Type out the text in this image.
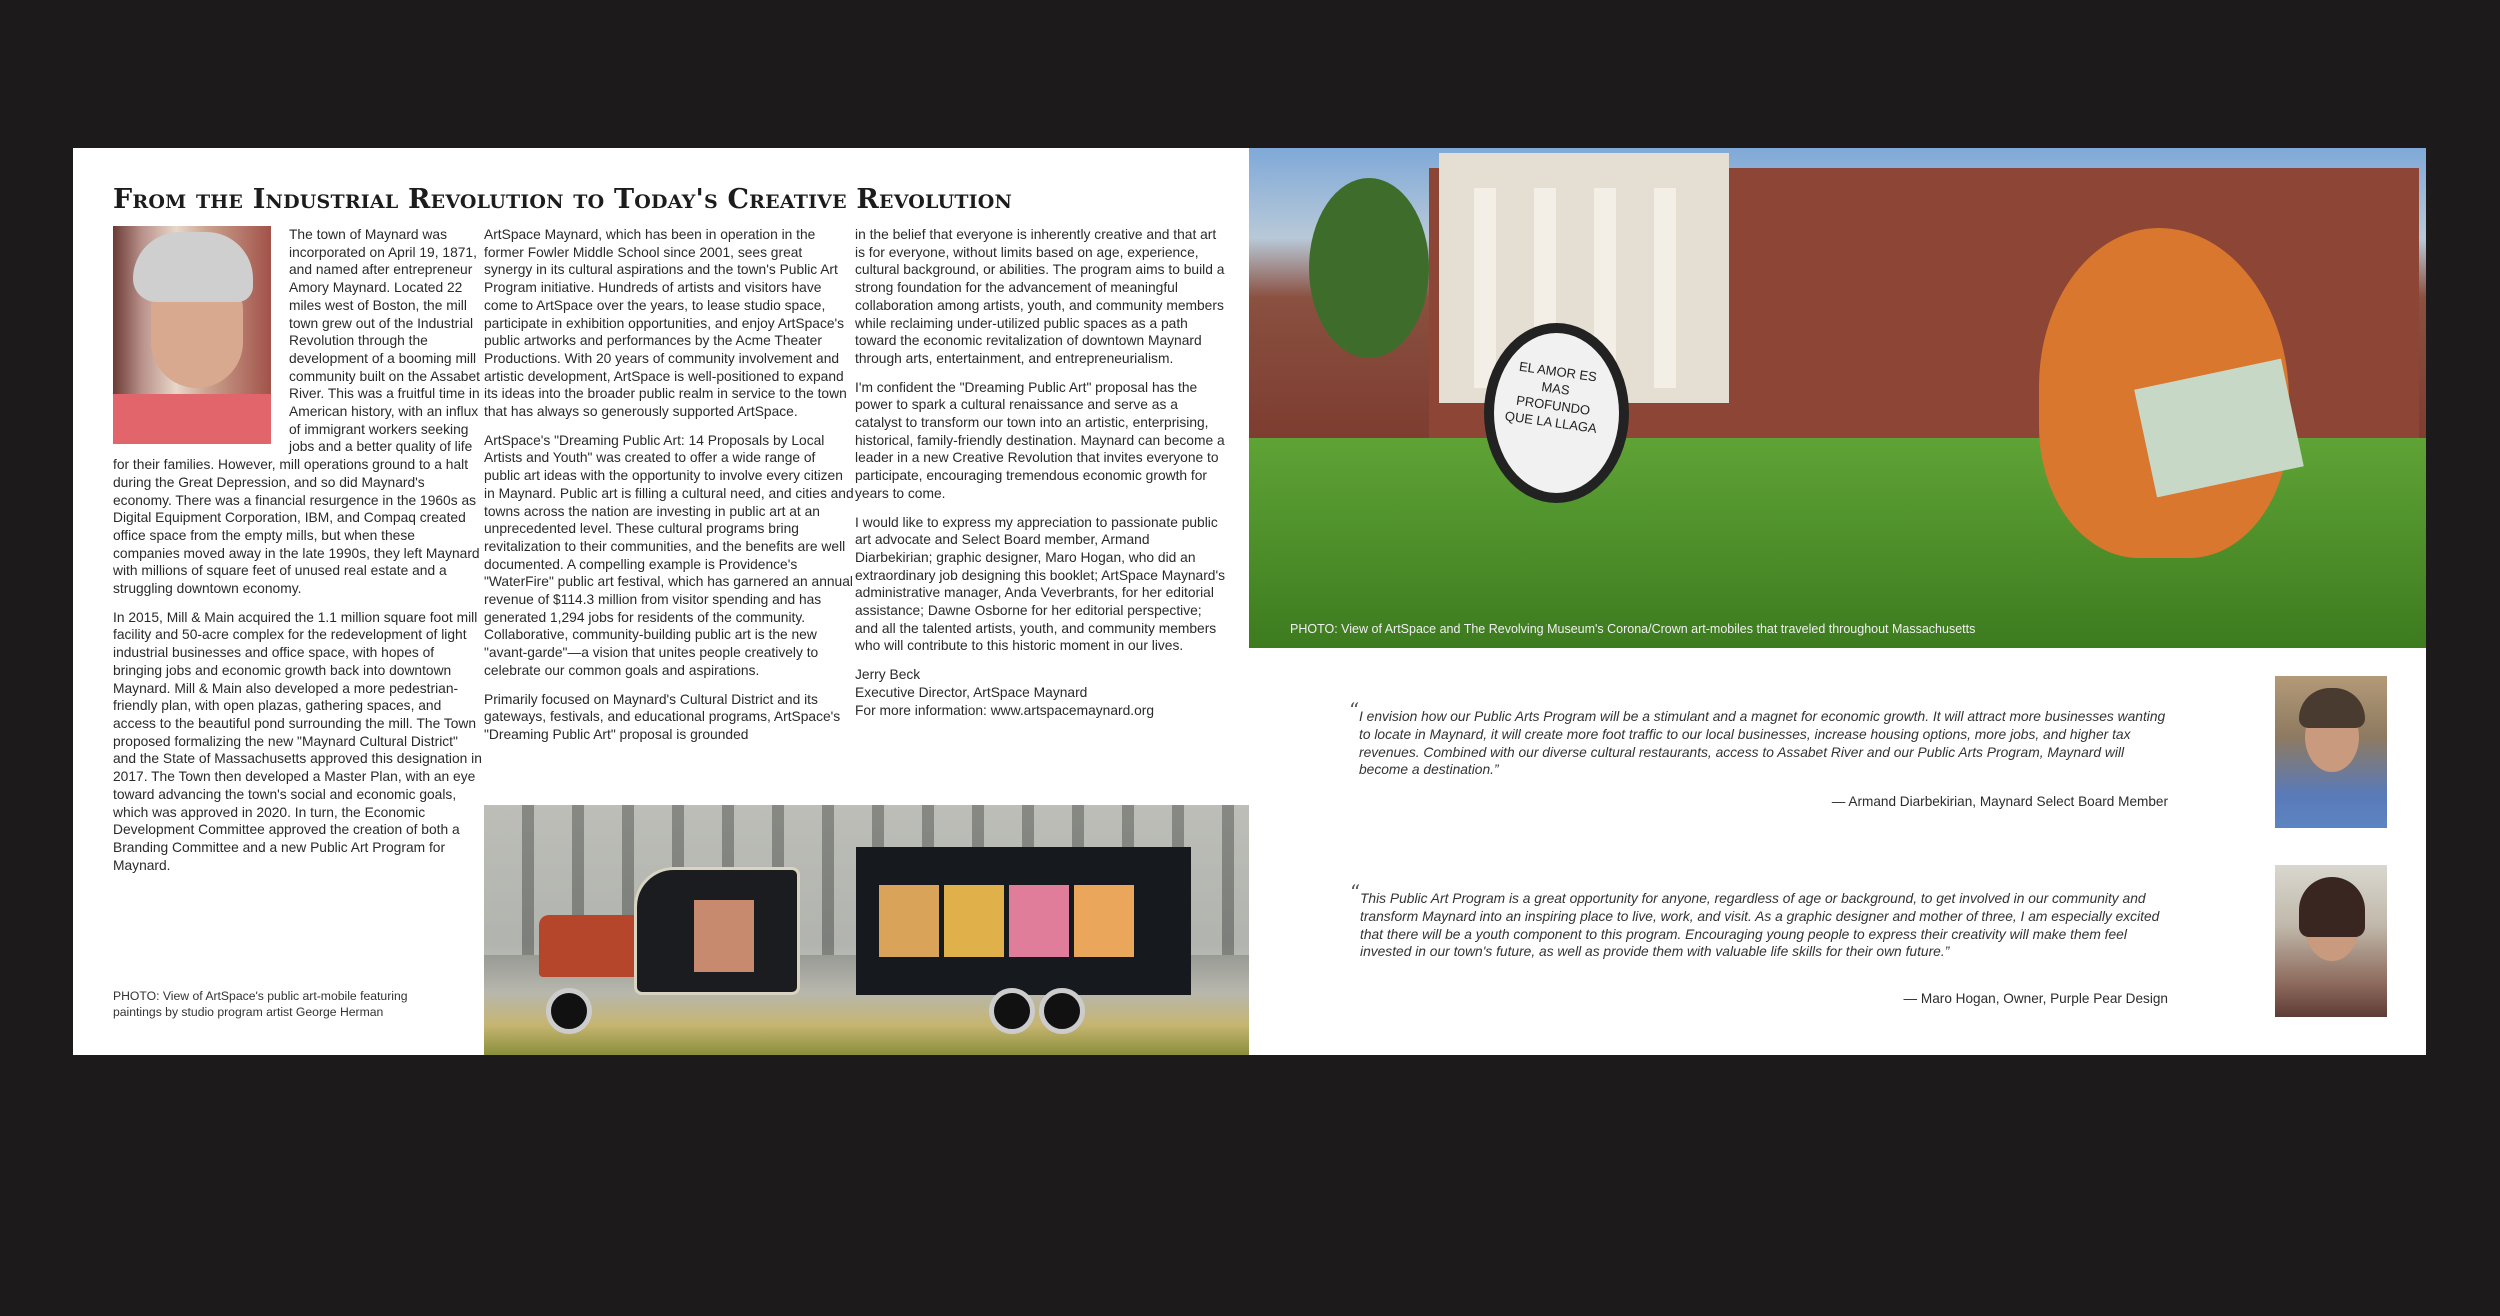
From the Industrial Revolution to Today's Creative Revolution

The town of Maynard was incorporated on April 19, 1871, and named after entrepreneur Amory Maynard. Located 22 miles west of Boston, the mill town grew out of the Industrial Revolution through the development of a booming mill community built on the Assabet River. This was a fruitful time in American history, with an influx of immigrant workers seeking jobs and a better quality of life for their families. However, mill operations ground to a halt during the Great Depression, and so did Maynard's economy. There was a financial resurgence in the 1960s as Digital Equipment Corporation, IBM, and Compaq created office space from the empty mills, but when these companies moved away in the late 1990s, they left Maynard with millions of square feet of unused real estate and a struggling downtown economy.

In 2015, Mill & Main acquired the 1.1 million square foot mill facility and 50-acre complex for the redevelopment of light industrial businesses and office space, with hopes of bringing jobs and economic growth back into downtown Maynard. Mill & Main also developed a more pedestrian-friendly plan, with open plazas, gathering spaces, and access to the beautiful pond surrounding the mill. The Town proposed formalizing the new "Maynard Cultural District" and the State of Massachusetts approved this designation in 2017. The Town then developed a Master Plan, with an eye toward advancing the town's social and economic goals, which was approved in 2020. In turn, the Economic Development Committee approved the creation of both a Branding Committee and a new Public Art Program for Maynard.

ArtSpace Maynard, which has been in operation in the former Fowler Middle School since 2001, sees great synergy in its cultural aspirations and the town's Public Art Program initiative. Hundreds of artists and visitors have come to ArtSpace over the years, to lease studio space, participate in exhibition opportunities, and enjoy ArtSpace's public artworks and performances by the Acme Theater Productions. With 20 years of community involvement and artistic development, ArtSpace is well-positioned to expand its ideas into the broader public realm in service to the town that has always so generously supported ArtSpace.

ArtSpace's "Dreaming Public Art: 14 Proposals by Local Artists and Youth" was created to offer a wide range of public art ideas with the opportunity to involve every citizen in Maynard. Public art is filling a cultural need, and cities and towns across the nation are investing in public art at an unprecedented level. These cultural programs bring revitalization to their communities, and the benefits are well documented. A compelling example is Providence's "WaterFire" public art festival, which has garnered an annual revenue of $114.3 million from visitor spending and has generated 1,294 jobs for residents of the community. Collaborative, community-building public art is the new "avant-garde"—a vision that unites people creatively to celebrate our common goals and aspirations.

Primarily focused on Maynard's Cultural District and its gateways, festivals, and educational programs, ArtSpace's "Dreaming Public Art" proposal is grounded

in the belief that everyone is inherently creative and that art is for everyone, without limits based on age, experience, cultural background, or abilities. The program aims to build a strong foundation for the advancement of meaningful collaboration among artists, youth, and community members while reclaiming under-utilized public spaces as a path toward the economic revitalization of downtown Maynard through arts, entertainment, and entrepreneurialism.

I'm confident the "Dreaming Public Art" proposal has the power to spark a cultural renaissance and serve as a catalyst to transform our town into an artistic, enterprising, historical, family-friendly destination. Maynard can become a leader in a new Creative Revolution that invites everyone to participate, encouraging tremendous economic growth for years to come.

I would like to express my appreciation to passionate public art advocate and Select Board member, Armand Diarbekirian; graphic designer, Maro Hogan, who did an extraordinary job designing this booklet; ArtSpace Maynard's administrative manager, Anda Veverbrants, for her editorial assistance; Dawne Osborne for her editorial perspective; and all the talented artists, youth, and community members who will contribute to this historic moment in our lives.

Jerry Beck
Executive Director, ArtSpace Maynard
For more information: www.artspacemaynard.org
PHOTO: View of ArtSpace's public art-mobile featuring paintings by studio program artist George Herman
EL AMOR ES MAS PROFUNDO QUE LA LLAGA
PHOTO: View of ArtSpace and The Revolving Museum's Corona/Crown art-mobiles that traveled throughout Massachusetts
“ I envision how our Public Arts Program will be a stimulant and a magnet for economic growth. It will attract more businesses wanting to locate in Maynard, it will create more foot traffic to our local businesses, increase housing options, more jobs, and higher tax revenues. Combined with our diverse cultural restaurants, access to Assabet River and our Public Arts Program, Maynard will become a destination.”
— Armand Diarbekirian, Maynard Select Board Member
“ This Public Art Program is a great opportunity for anyone, regardless of age or background, to get involved in our community and transform Maynard into an inspiring place to live, work, and visit. As a graphic designer and mother of three, I am especially excited that there will be a youth component to this program. Encouraging young people to express their creativity will make them feel invested in our town's future, as well as provide them with valuable life skills for their own future.”
— Maro Hogan, Owner, Purple Pear Design
